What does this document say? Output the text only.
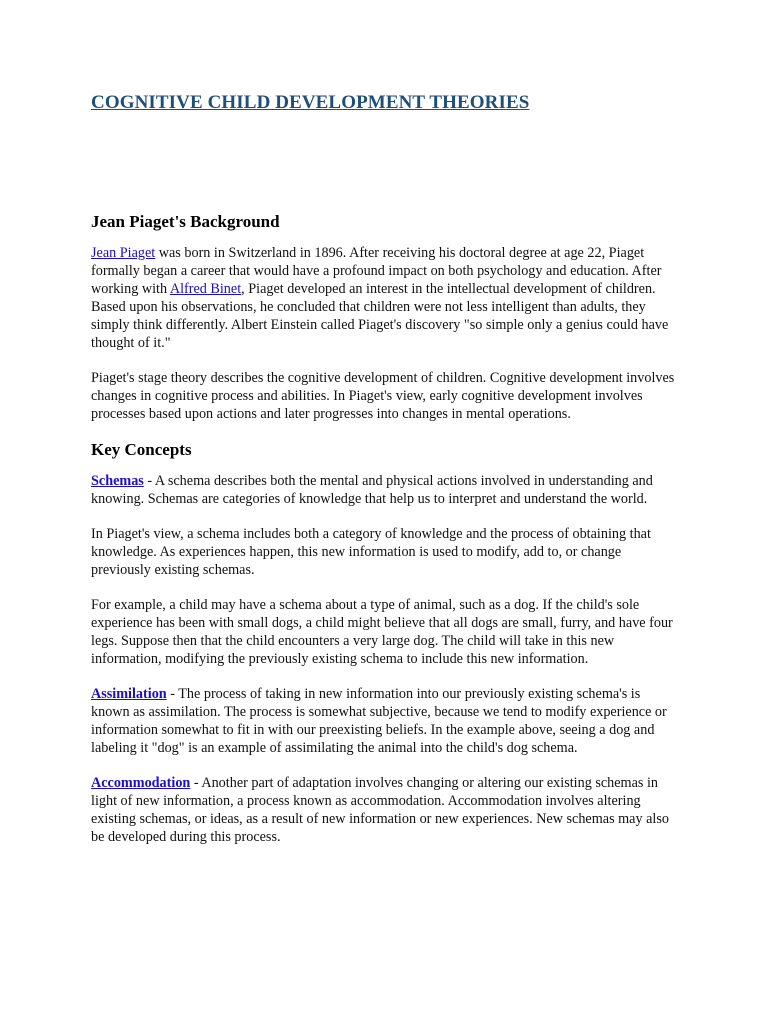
COGNITIVE CHILD DEVELOPMENT THEORIES
Jean Piaget's Background

Jean Piaget was born in Switzerland in 1896. After receiving his doctoral degree at age 22, Piaget formally began a career that would have a profound impact on both psychology and education. After working with Alfred Binet, Piaget developed an interest in the intellectual development of children. Based upon his observations, he concluded that children were not less intelligent than adults, they simply think differently. Albert Einstein called Piaget's discovery "so simple only a genius could have thought of it."

Piaget's stage theory describes the cognitive development of children. Cognitive development involves changes in cognitive process and abilities. In Piaget's view, early cognitive development involves processes based upon actions and later progresses into changes in mental operations.

Key Concepts

Schemas - A schema describes both the mental and physical actions involved in understanding and knowing. Schemas are categories of knowledge that help us to interpret and understand the world.

In Piaget's view, a schema includes both a category of knowledge and the process of obtaining that knowledge. As experiences happen, this new information is used to modify, add to, or change previously existing schemas.

For example, a child may have a schema about a type of animal, such as a dog. If the child's sole experience has been with small dogs, a child might believe that all dogs are small, furry, and have four legs. Suppose then that the child encounters a very large dog. The child will take in this new information, modifying the previously existing schema to include this new information.

Assimilation - The process of taking in new information into our previously existing schema's is known as assimilation. The process is somewhat subjective, because we tend to modify experience or information somewhat to fit in with our preexisting beliefs. In the example above, seeing a dog and labeling it "dog" is an example of assimilating the animal into the child's dog schema.

Accommodation - Another part of adaptation involves changing or altering our existing schemas in light of new information, a process known as accommodation. Accommodation involves altering existing schemas, or ideas, as a result of new information or new experiences. New schemas may also be developed during this process.
